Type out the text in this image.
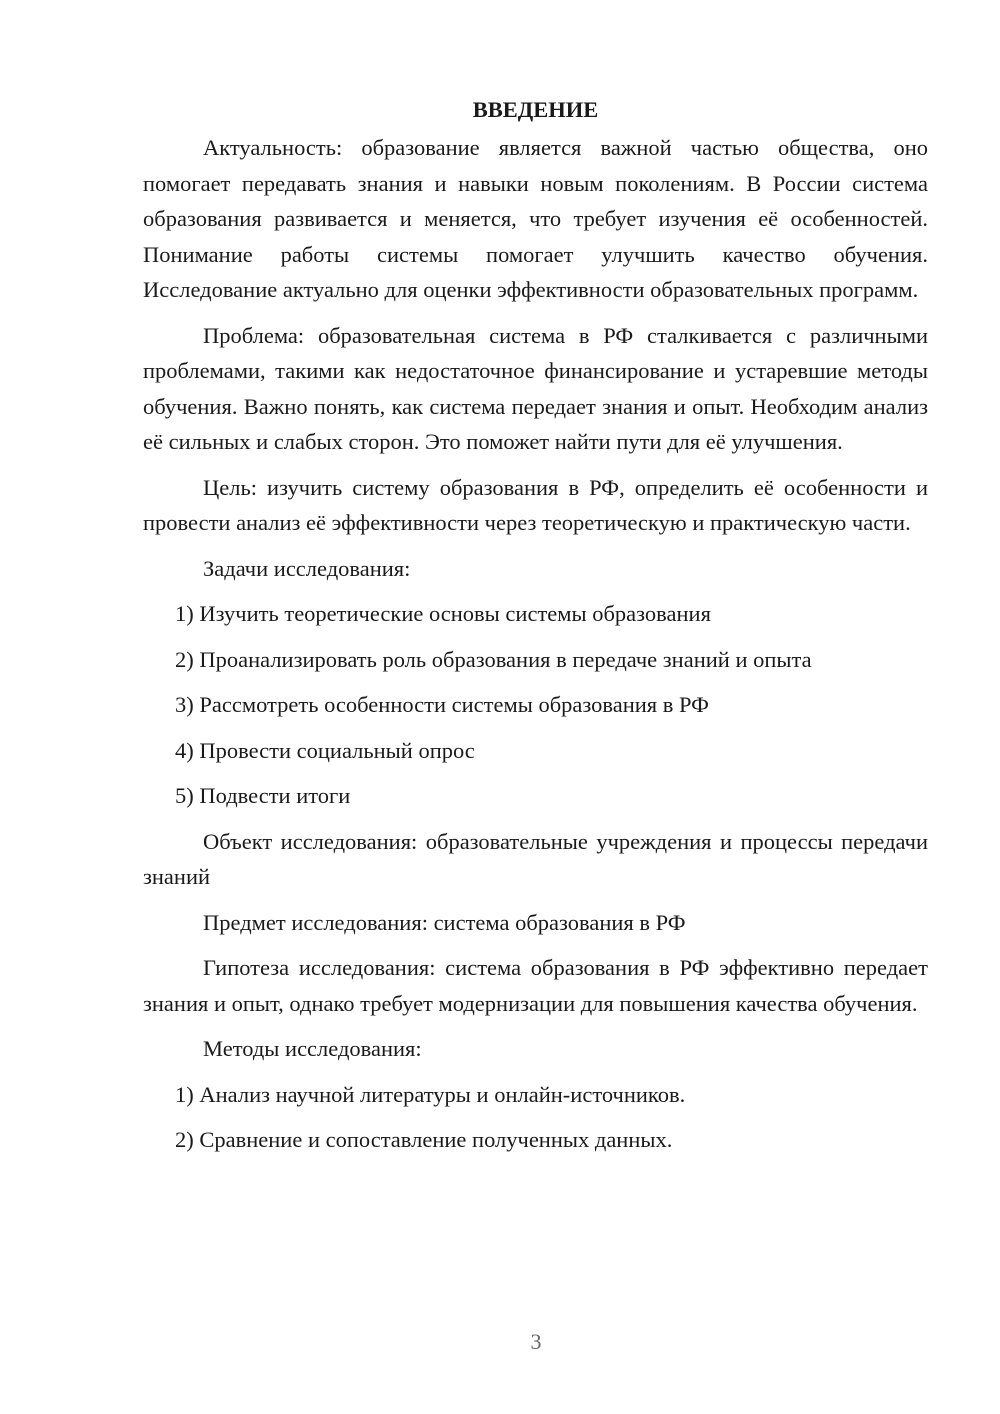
ВВЕДЕНИЕ

Актуальность: образование является важной частью общества, оно помогает передавать знания и навыки новым поколениям. В России система образования развивается и меняется, что требует изучения её особенностей. Понимание работы системы помогает улучшить качество обучения. Исследование актуально для оценки эффективности образовательных программ.

Проблема: образовательная система в РФ сталкивается с различными проблемами, такими как недостаточное финансирование и устаревшие методы обучения. Важно понять, как система передает знания и опыт. Необходим анализ её сильных и слабых сторон. Это поможет найти пути для её улучшения.

Цель: изучить систему образования в РФ, определить её особенности и провести анализ её эффективности через теоретическую и практическую части.

Задачи исследования:

1) Изучить теоретические основы системы образования

2) Проанализировать роль образования в передаче знаний и опыта

3) Рассмотреть особенности системы образования в РФ

4) Провести социальный опрос

5) Подвести итоги

Объект исследования: образовательные учреждения и процессы передачи знаний

Предмет исследования: система образования в РФ

Гипотеза исследования: система образования в РФ эффективно передает знания и опыт, однако требует модернизации для повышения качества обучения.

Методы исследования:

1) Анализ научной литературы и онлайн-источников.

2) Сравнение и сопоставление полученных данных.

3
